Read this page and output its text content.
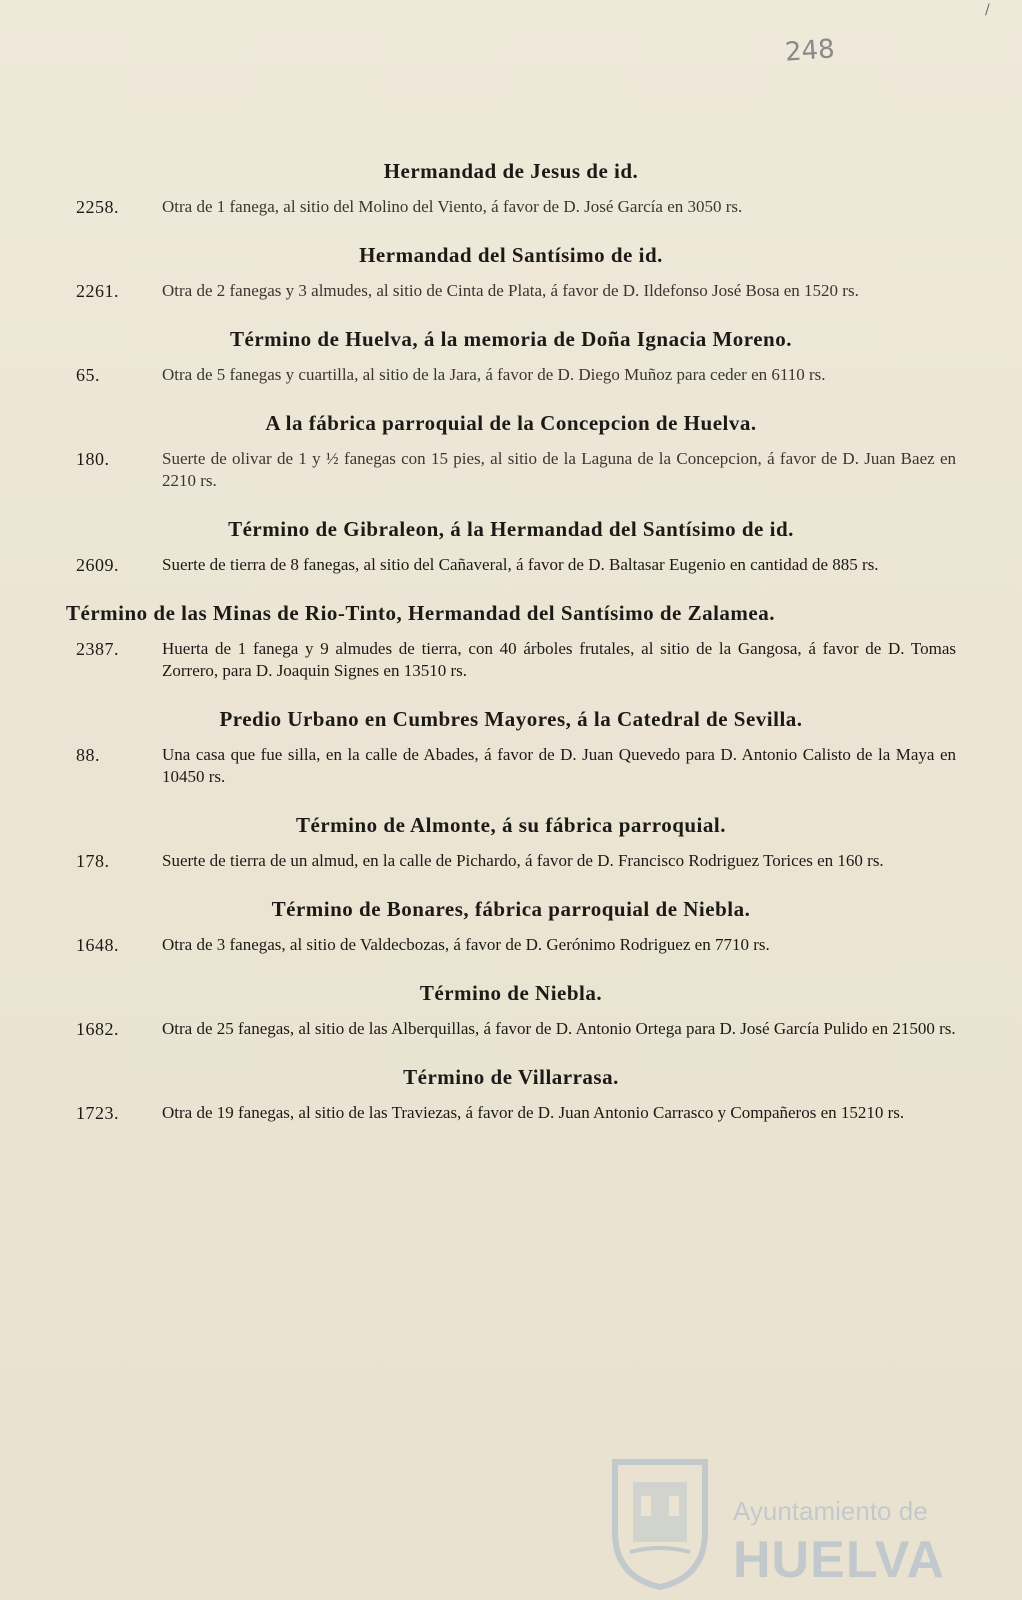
/
248
Hermandad de Jesus de id.
2258.	Otra de 1 fanega, al sitio del Molino del Viento, á favor de D. José García en 3050 rs.
Hermandad del Santísimo de id.
2261.	Otra de 2 fanegas y 3 almudes, al sitio de Cinta de Plata, á favor de D. Ildefonso José Bosa en 1520 rs.
Término de Huelva, á la memoria de Doña Ignacia Moreno.
65.	Otra de 5 fanegas y cuartilla, al sitio de la Jara, á favor de D. Diego Muñoz para ceder en 6110 rs.
A la fábrica parroquial de la Concepcion de Huelva.
180.	Suerte de olivar de 1 y ½ fanegas con 15 pies, al sitio de la Laguna de la Concepcion, á favor de D. Juan Baez en 2210 rs.
Término de Gibraleon, á la Hermandad del Santísimo de id.
2609.	Suerte de tierra de 8 fanegas, al sitio del Cañaveral, á favor de D. Baltasar Eugenio en cantidad de 885 rs.
Término de las Minas de Rio-Tinto, Hermandad del Santísimo de Zalamea.
2387.	Huerta de 1 fanega y 9 almudes de tierra, con 40 árboles frutales, al sitio de la Gangosa, á favor de D. Tomas Zorrero, para D. Joaquin Signes en 13510 rs.
Predio Urbano en Cumbres Mayores, á la Catedral de Sevilla.
88.	Una casa que fue silla, en la calle de Abades, á favor de D. Juan Quevedo para D. Antonio Calisto de la Maya en 10450 rs.
Término de Almonte, á su fábrica parroquial.
178.	Suerte de tierra de un almud, en la calle de Pichardo, á favor de D. Francisco Rodriguez Torices en 160 rs.
Término de Bonares, fábrica parroquial de Niebla.
1648.	Otra de 3 fanegas, al sitio de Valdecbozas, á favor de D. Gerónimo Rodriguez en 7710 rs.
Término de Niebla.
1682.	Otra de 25 fanegas, al sitio de las Alberquillas, á favor de D. Antonio Ortega para D. José García Pulido en 21500 rs.
Término de Villarrasa.
1723.	Otra de 19 fanegas, al sitio de las Traviezas, á favor de D. Juan Antonio Carrasco y Compañeros en 15210 rs.
Ayuntamiento de
HUELVA
